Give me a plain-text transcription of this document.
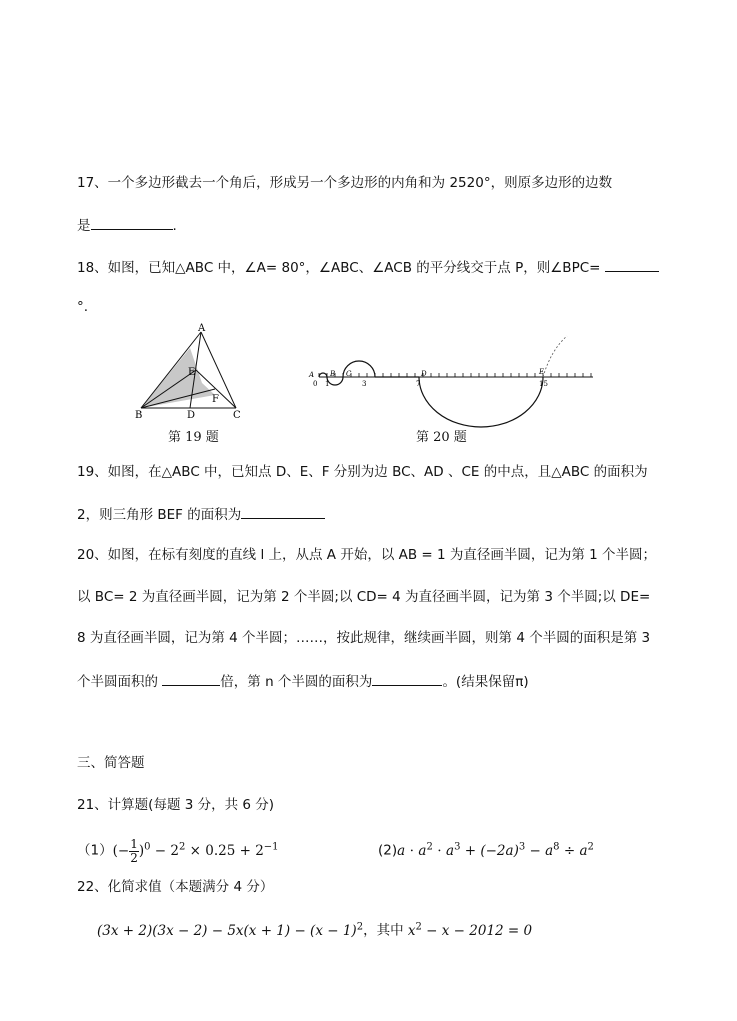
17、一个多边形截去一个角后，形成另一个多边形的内角和为 2520°，则原多边形的边数
是	.
18、如图，已知△ABC 中，∠A= 80°，∠ABC、∠ACB 的平分线交于点 P，则∠BPC=
°.
A
B	C
D
E
F
第 19 题
A B C	D	E
0 1	3	7	15
第 20 题
19、如图，在△ABC 中，已知点 D、E、F 分别为边 BC、AD 、CE 的中点，且△ABC 的面积为
2，则三角形 BEF 的面积为
20、如图，在标有刻度的直线 l 上，从点 A 开始，以 AB = 1 为直径画半圆，记为第 1 个半圆；
以 BC= 2 为直径画半圆，记为第 2 个半圆;以 CD= 4 为直径画半圆，记为第 3 个半圆;以 DE=
8 为直径画半圆，记为第 4 个半圆；……，按此规律，继续画半圆，则第 4 个半圆的面积是第 3
个半圆面积的	倍，第 n 个半圆的面积为	。(结果保留π)
三、简答题
21、计算题(每题 3 分，共 6 分)
$(1)(- \frac{1}{2} )^0 - 2^2 \times 0.25 + 2^{-1}$	$(2)a \cdot a^2 \cdot a^3 + (-2a)^3 - a^8 \div a^2$
22、化简求值（本题满分 4 分）
$(3x + 2)(3x - 2) - 5x(x + 1) - (x - 1)^2$，其中 $x^2 - x - 2012 = 0$
